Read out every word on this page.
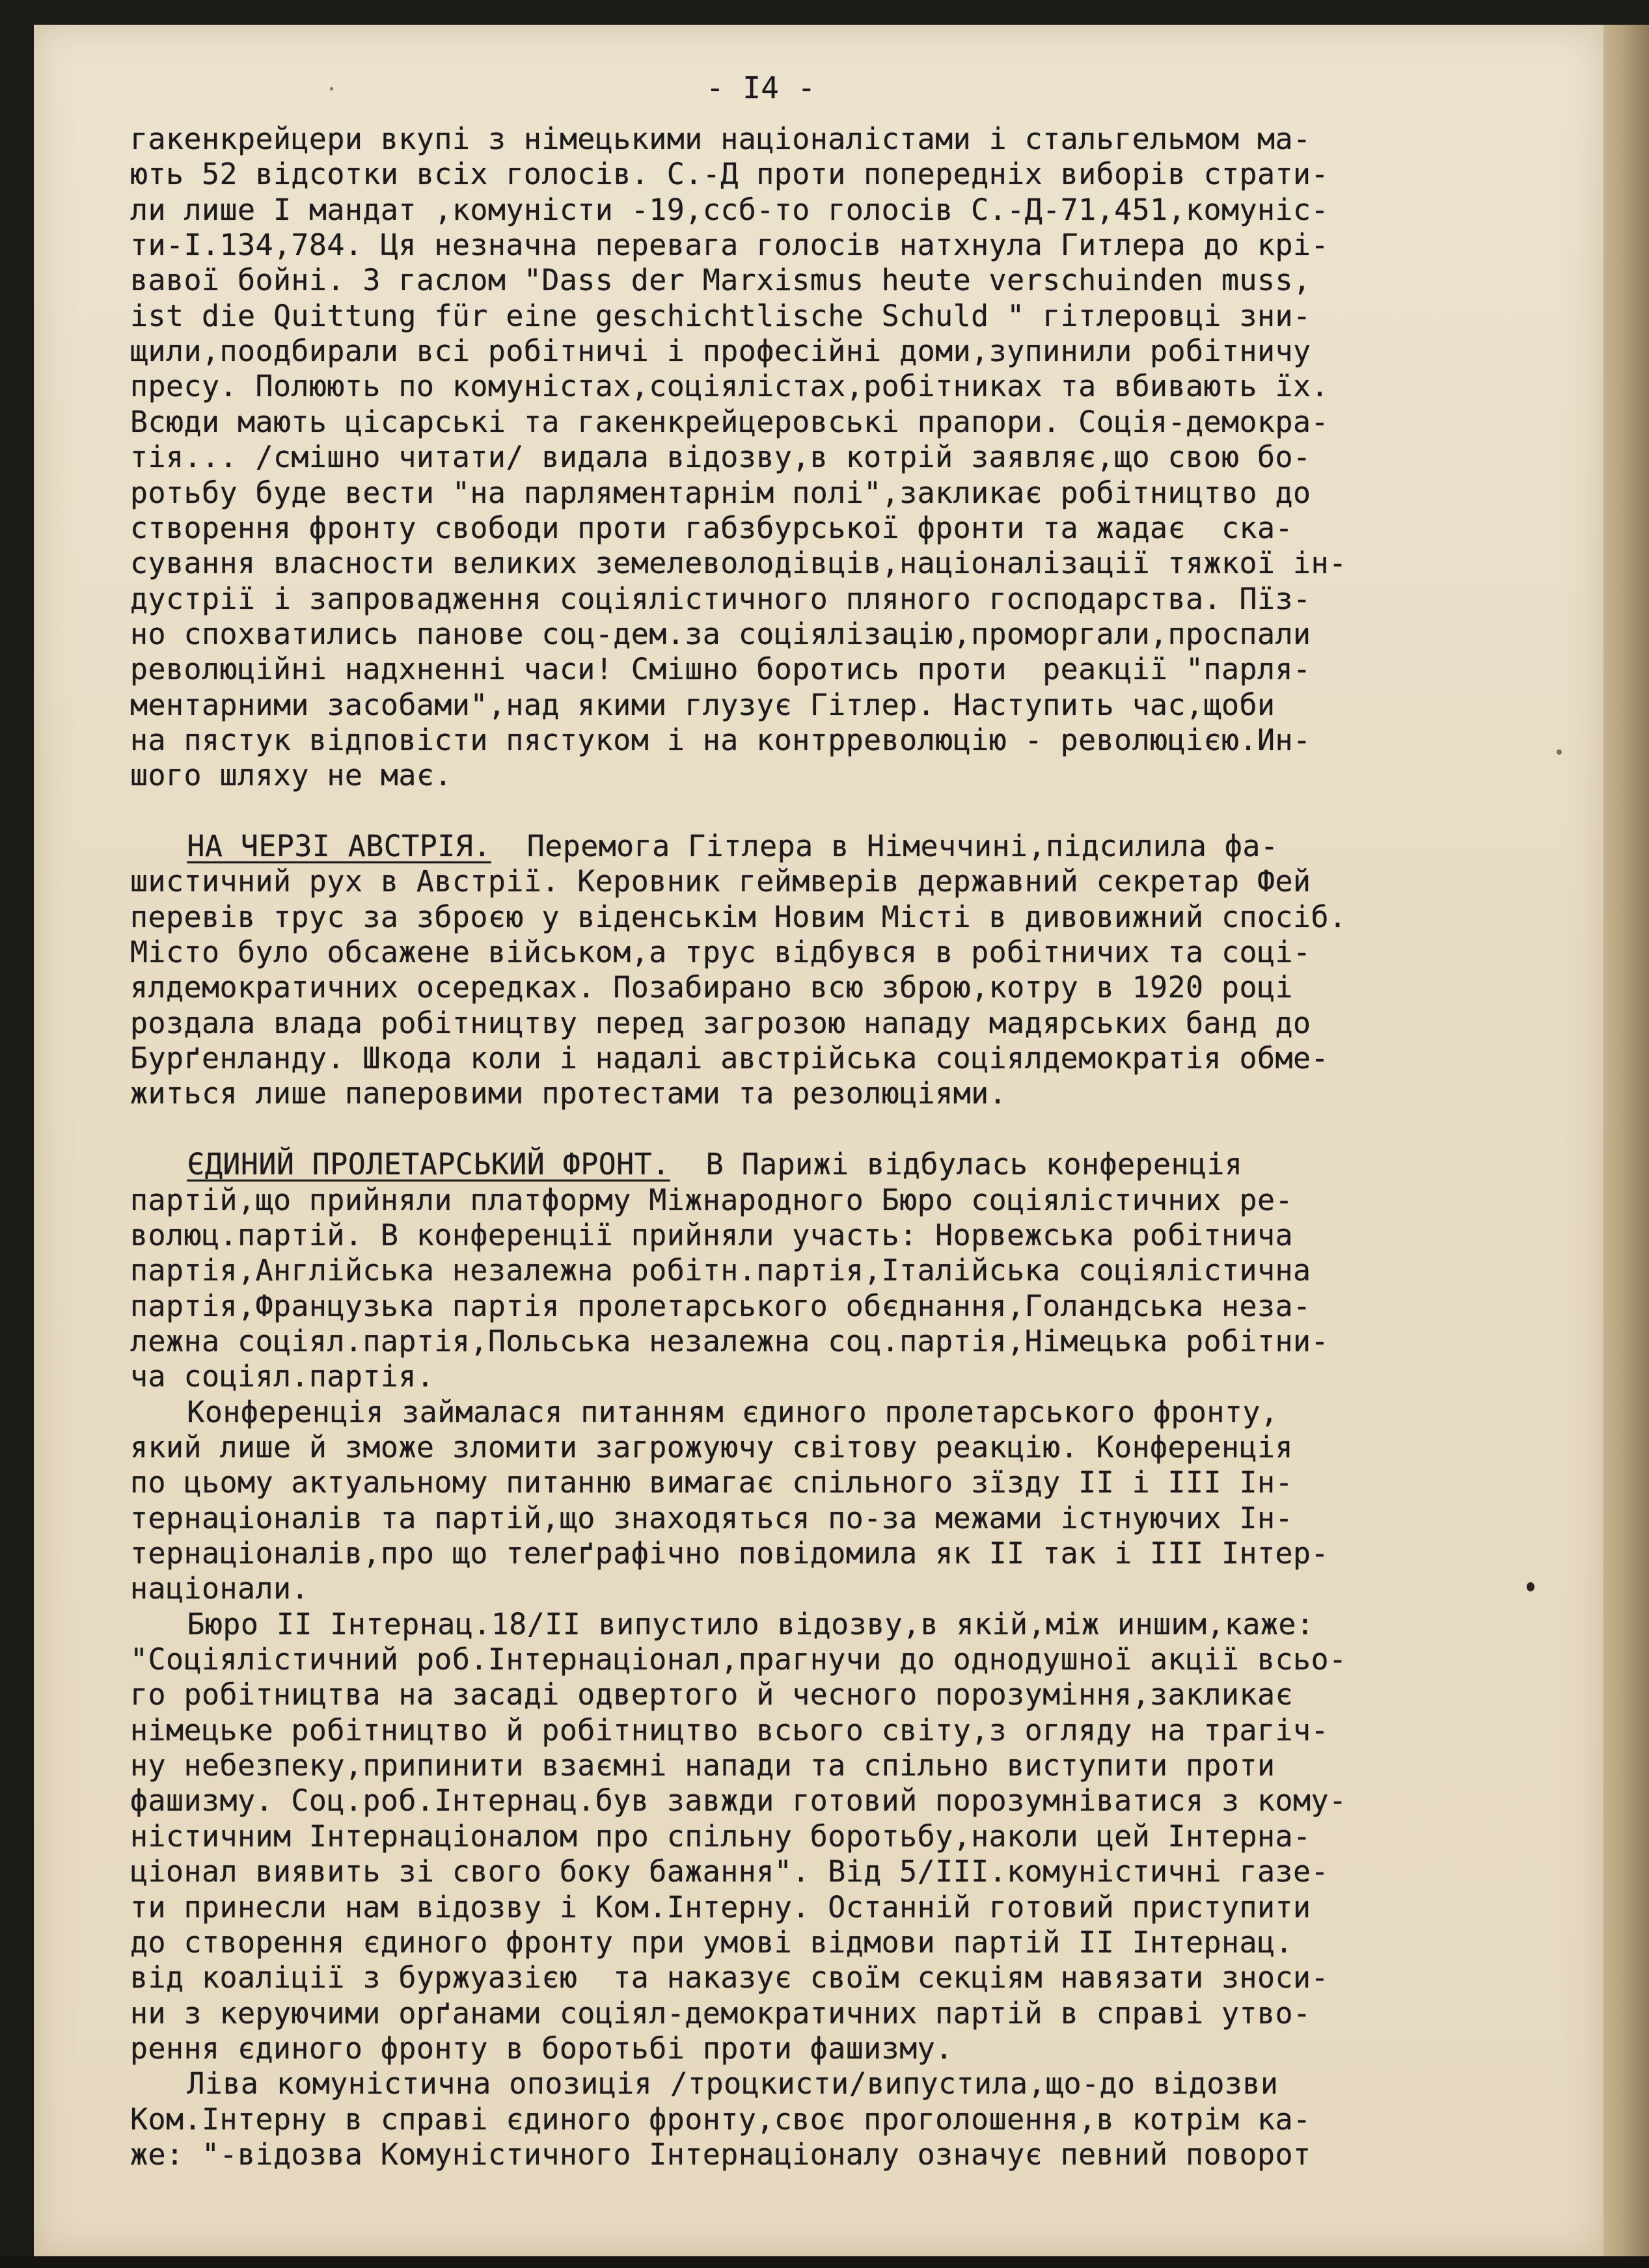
- I4 -
гакенкрейцери вкупі з німецькими націоналістами і стальгельмом ма-
ють 52 відсотки всіх голосів. С.-Д проти попередніх виборів страти-
ли лише I мандат ,комуністи -19,ссб-то голосів С.-Д-71,451,комуніс-
ти-I.134,784. Ця незначна перевага голосів натхнула Гитлера до крі-
вавої бойні. З гаслом "Dass der Marxismus heute verschuinden muss,
ist die Quittung für eine geschichtlische Schuld " гітлеровці зни-
щили,поодбирали всі робітничі і професійні доми,зупинили робітничу
пресу. Полюють по комуністах,соціялістах,робітниках та вбивають їх.
Всюди мають цісарські та гакенкрейцеровські прапори. Соція-демокра-
тія... /смішно читати/ видала відозву,в котрій заявляє,що свою бо-
ротьбу буде вести "на парляментарнім полі",закликає робітництво до
створення фронту свободи проти габзбурської фронти та жадає  ска-
сування власности великих земелеволодівців,націоналізації тяжкої ін-
дустрії і запровадження соціялістичного пляного господарства. Пїз-
но спохватились панове соц-дем.за соціялізацію,проморгали,проспали
революційні надхненні часи! Смішно боротись проти  реакції "парля-
ментарними засобами",над якими глузує Гітлер. Наступить час,щоби
на пястук відповісти пястуком і на контрреволюцію - революцією.Ин-
шого шляху не має.
НА ЧЕРЗІ АВСТРІЯ.  Перемога Гітлера в Німеччині,підсилила фа-
шистичний рух в Австрії. Керовник геймверів державний секретар Фей
перевів трус за зброєю у віденськім Новим Місті в дивовижний спосіб.
Місто було обсажене військом,а трус відбувся в робітничих та соці-
ялдемократичних осередках. Позабирано всю зброю,котру в 1920 році
роздала влада робітництву перед загрозою нападу мадярських банд до
Бурґенланду. Шкода коли і надалі австрійська соціялдемократія обме-
житься лише паперовими протестами та резолюціями.
ЄДИНИЙ ПРОЛЕТАРСЬКИЙ ФРОНТ.  В Парижі відбулась конференція
партій,що прийняли платформу Міжнародного Бюро соціялістичних ре-
волюц.партій. В конференції прийняли участь: Норвежська робітнича
партія,Англійська незалежна робітн.партія,Італійська соціялістична
партія,Французька партія пролетарського обєднання,Голандська неза-
лежна соціял.партія,Польська незалежна соц.партія,Німецька робітни-
ча соціял.партія.
Конференція займалася питанням єдиного пролетарського фронту,
який лише й зможе зломити загрожуючу світову реакцію. Конференція
по цьому актуальному питанню вимагає спільного зїзду II і III Ін-
тернаціоналів та партій,що знаходяться по-за межами істнуючих Ін-
тернаціоналів,про що телеґрафічно повідомила як II так і III Інтер-
націонали.
Бюро II Інтернац.18/II випустило відозву,в якій,між иншим,каже:
"Соціялістичний роб.Інтернаціонал,прагнучи до однодушної акції всьо-
го робітництва на засаді одвертого й чесного порозуміння,закликає
німецьке робітництво й робітництво всього світу,з огляду на трагіч-
ну небезпеку,припинити взаємні напади та спільно виступити проти
фашизму. Соц.роб.Інтернац.був завжди готовий порозумніватися з кому-
ністичним Інтернаціоналом про спільну боротьбу,наколи цей Інтерна-
ціонал виявить зі свого боку бажання". Від 5/III.комуністичні газе-
ти принесли нам відозву і Ком.Інтерну. Останній готовий приступити
до створення єдиного фронту при умові відмови партій II Інтернац.
від коаліції з буржуазією  та наказує своїм секціям навязати зноси-
ни з керуючими орґанами соціял-демократичних партій в справі утво-
рення єдиного фронту в боротьбі проти фашизму.
Ліва комуністична опозиція /троцкисти/випустила,що-до відозви
Ком.Інтерну в справі єдиного фронту,своє проголошення,в котрім ка-
же: "-відозва Комуністичного Інтернаціоналу означує певний поворот
